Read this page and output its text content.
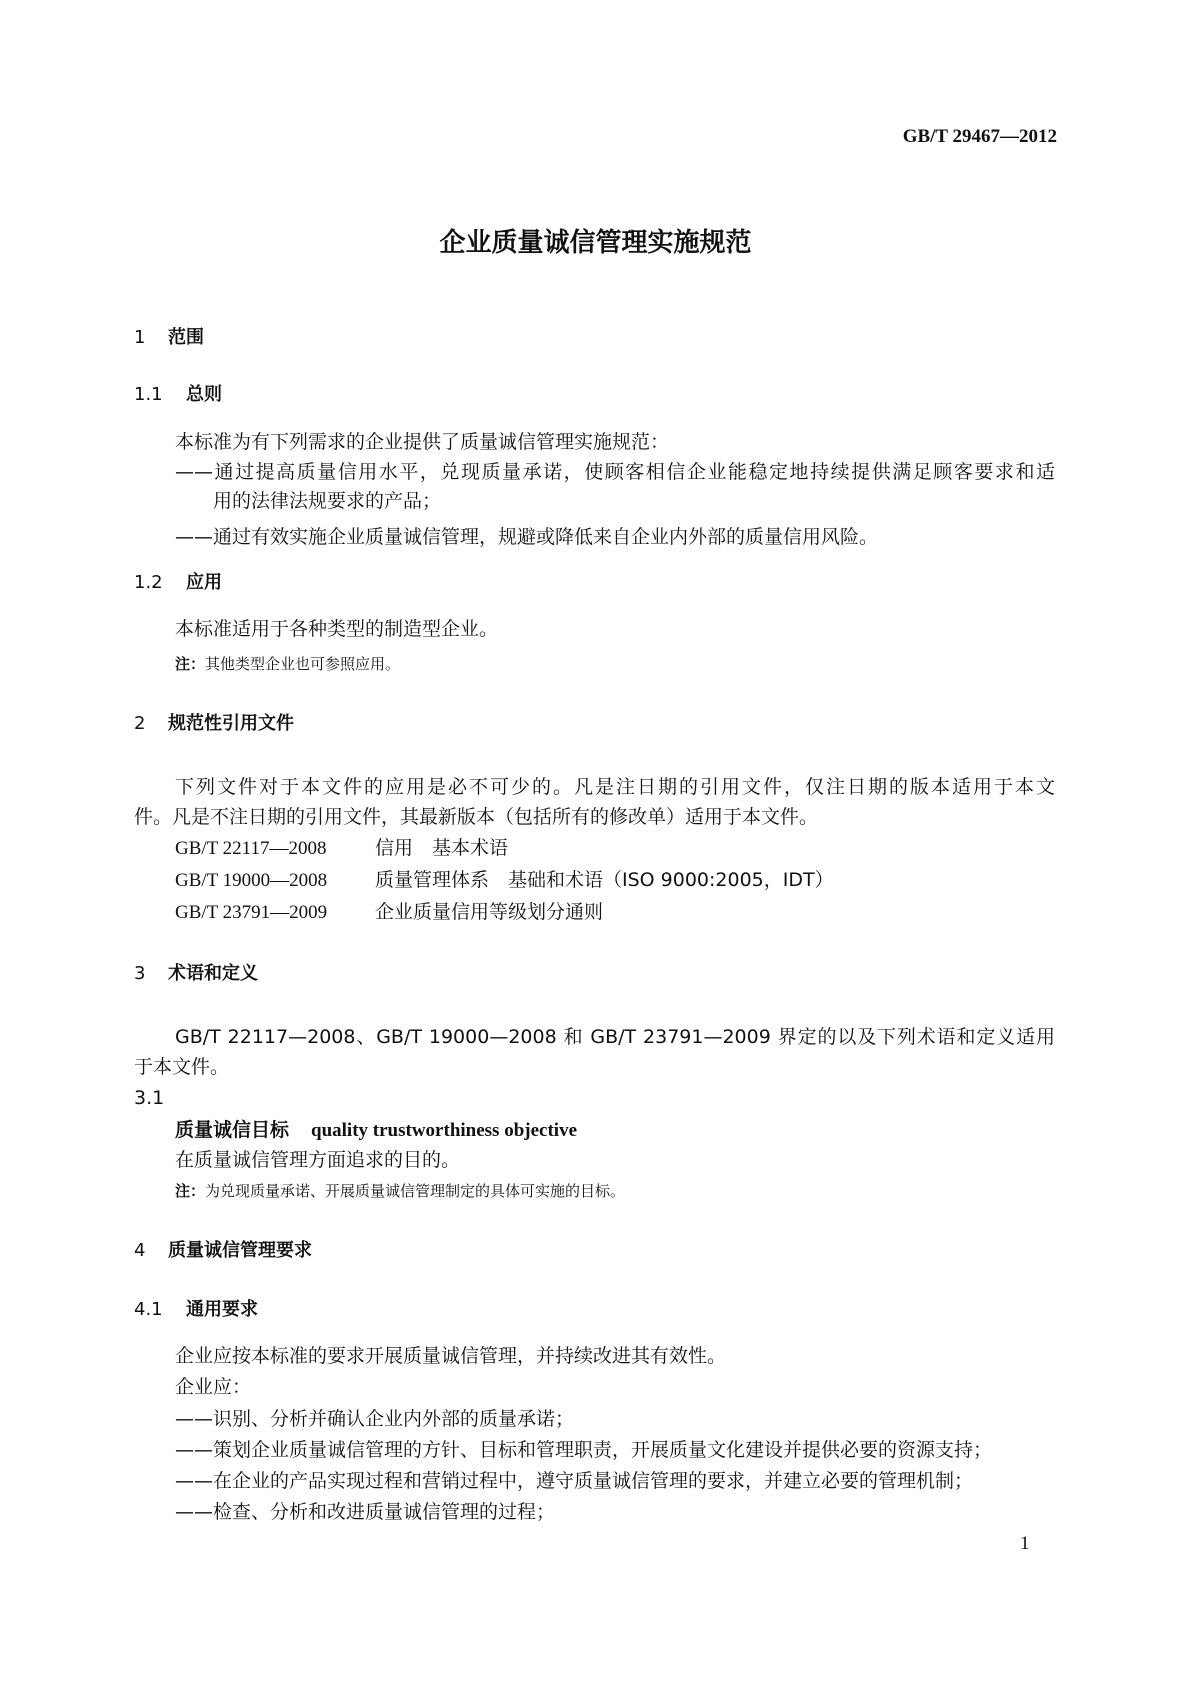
GB/T 29467—2012
企业质量诚信管理实施规范
1 范围
1.1 总则
本标准为有下列需求的企业提供了质量诚信管理实施规范：
——通过提高质量信用水平，兑现质量承诺，使顾客相信企业能稳定地持续提供满足顾客要求和适
用的法律法规要求的产品；
——通过有效实施企业质量诚信管理，规避或降低来自企业内外部的质量信用风险。
1.2 应用
本标准适用于各种类型的制造型企业。
注：其他类型企业也可参照应用。
2 规范性引用文件
下列文件对于本文件的应用是必不可少的。凡是注日期的引用文件，仅注日期的版本适用于本文
件。凡是不注日期的引用文件，其最新版本（包括所有的修改单）适用于本文件。
GB/T 22117—2008	信用　基本术语
GB/T 19000—2008	质量管理体系　基础和术语（ISO 9000:2005，IDT）
GB/T 23791—2009	企业质量信用等级划分通则
3 术语和定义
GB/T 22117—2008、GB/T 19000—2008 和 GB/T 23791—2009 界定的以及下列术语和定义适用
于本文件。
3.1
质量诚信目标 quality trustworthiness objective
在质量诚信管理方面追求的目的。
注：为兑现质量承诺、开展质量诚信管理制定的具体可实施的目标。
4 质量诚信管理要求
4.1 通用要求
企业应按本标准的要求开展质量诚信管理，并持续改进其有效性。
企业应：
——识别、分析并确认企业内外部的质量承诺；
——策划企业质量诚信管理的方针、目标和管理职责，开展质量文化建设并提供必要的资源支持；
——在企业的产品实现过程和营销过程中，遵守质量诚信管理的要求，并建立必要的管理机制；
——检查、分析和改进质量诚信管理的过程；
1
